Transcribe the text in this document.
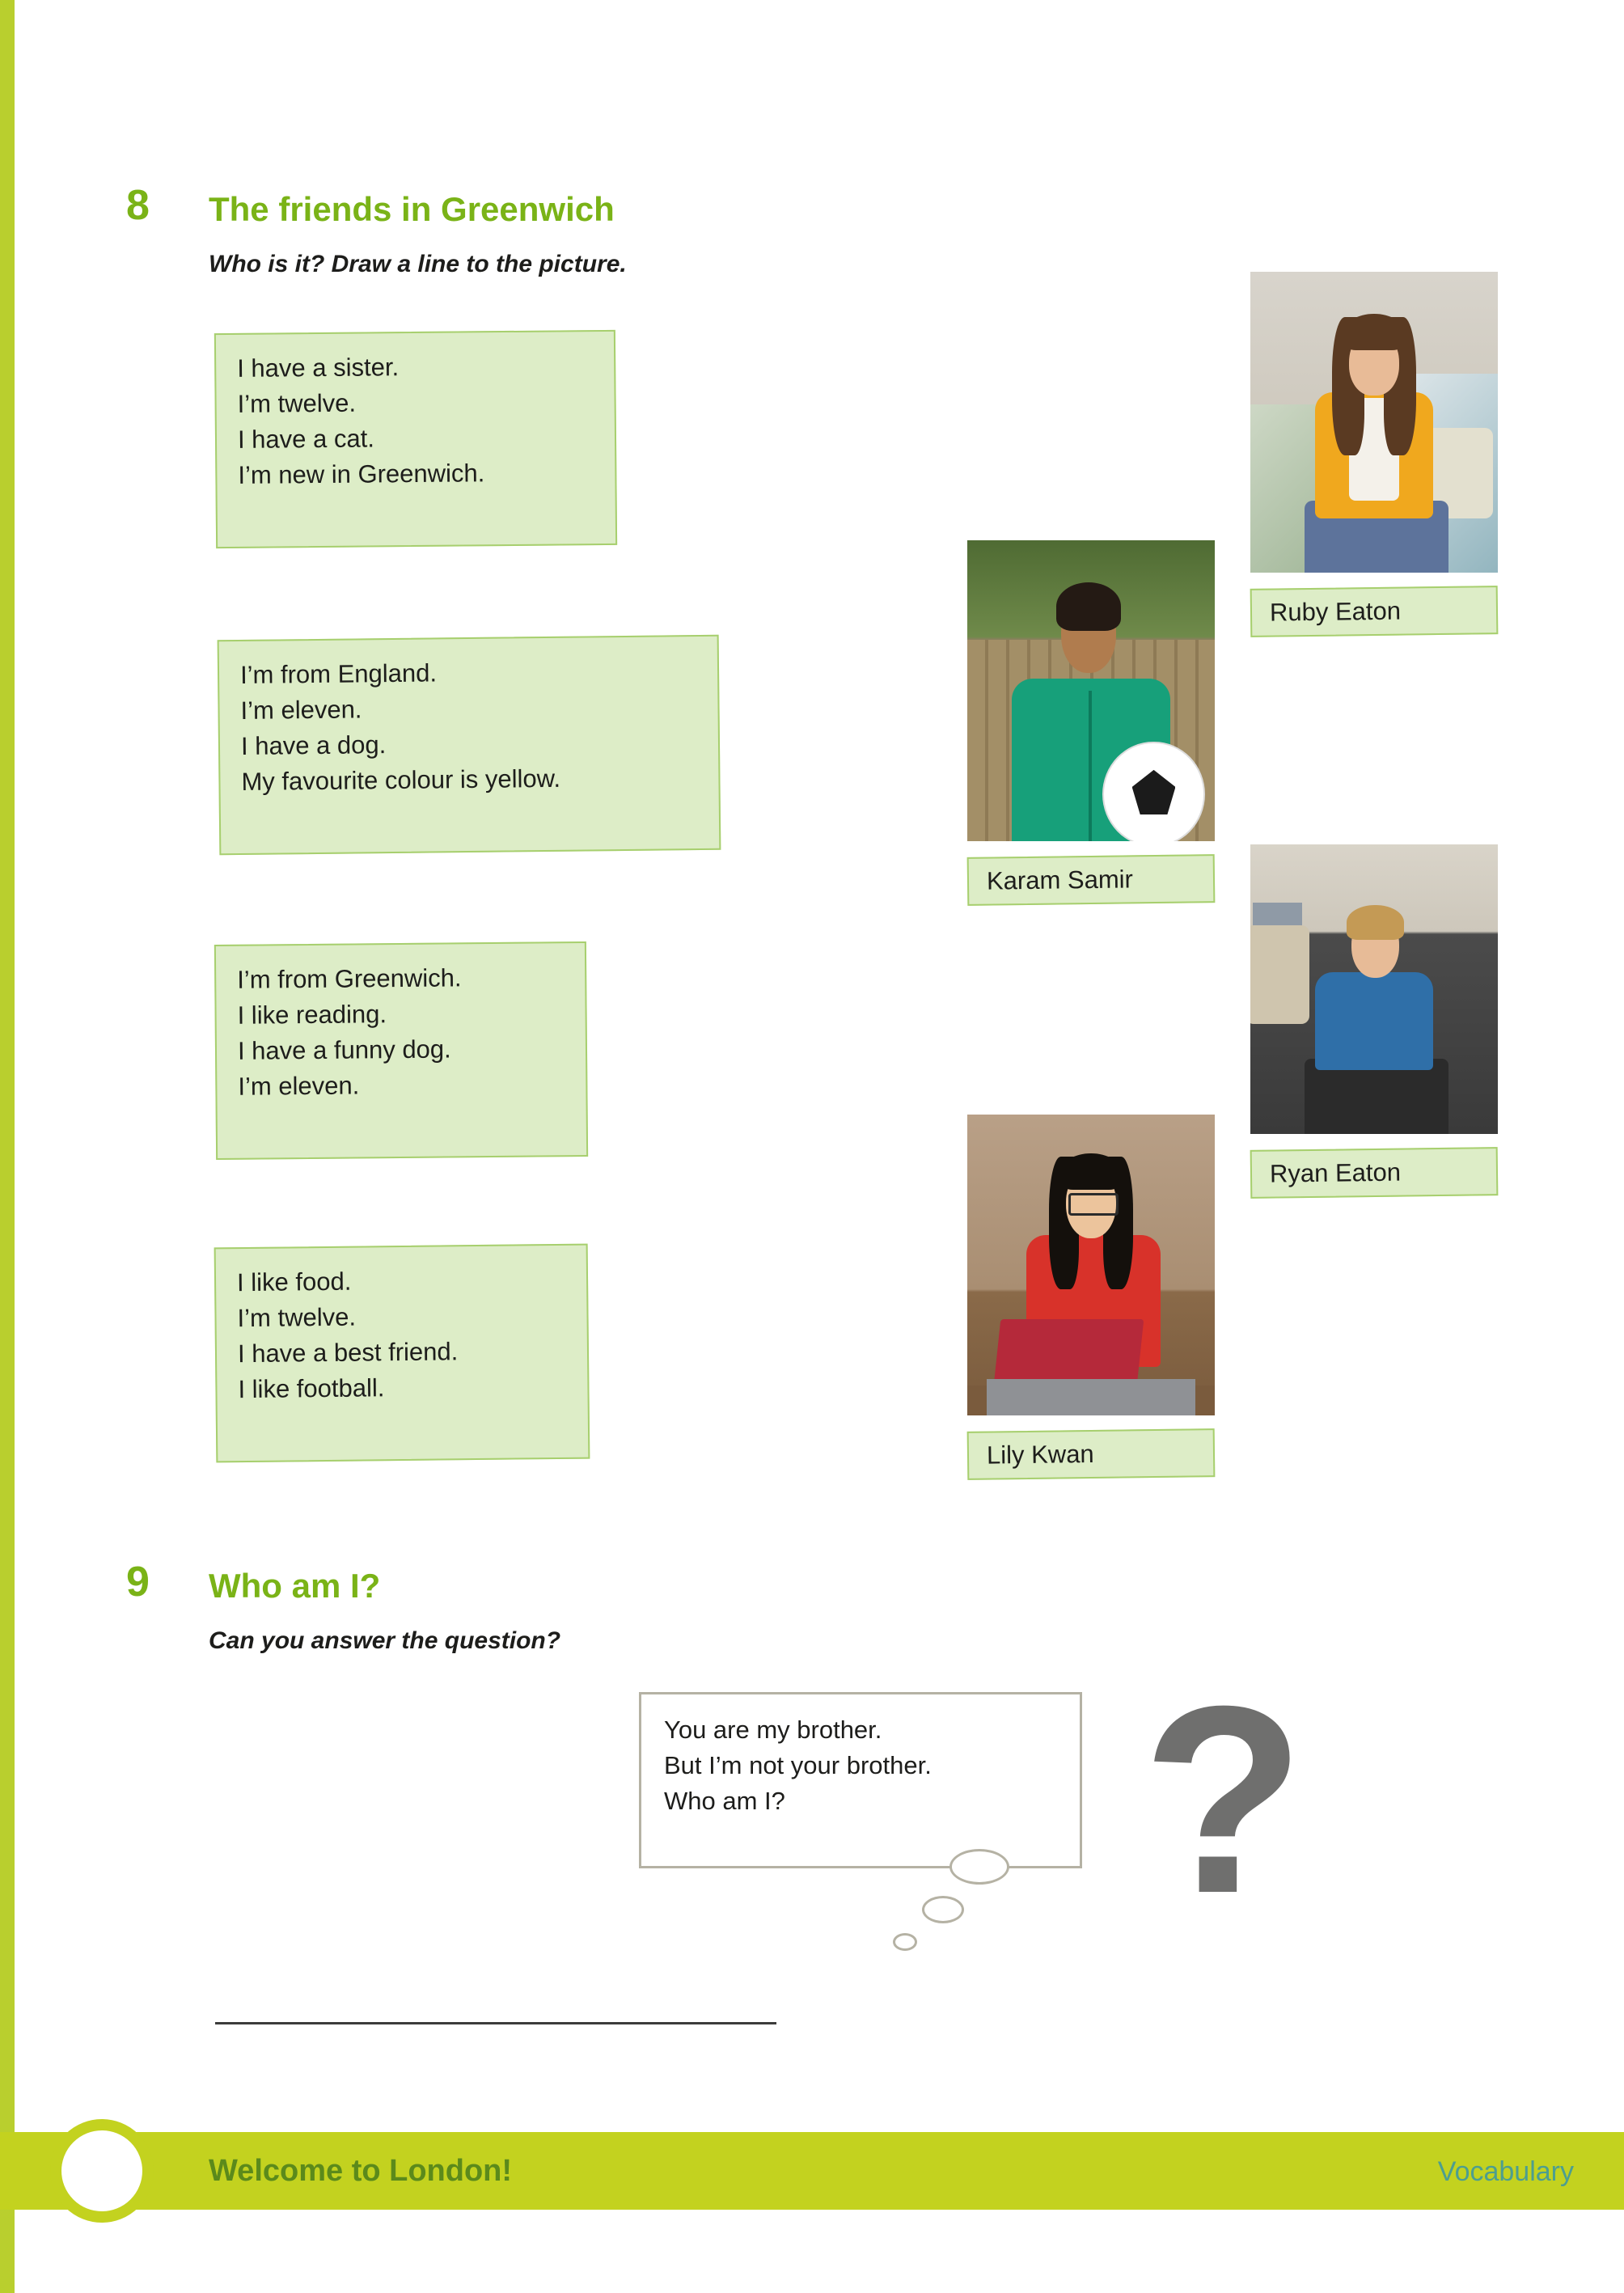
8 The friends in Greenwich
Who is it? Draw a line to the picture.
I have a sister.
I’m twelve.
I have a cat.
I’m new in Greenwich.
I’m from England.
I’m eleven.
I have a dog.
My favourite colour is yellow.
I’m from Greenwich.
I like reading.
I have a funny dog.
I’m eleven.
I like food.
I’m twelve.
I have a best friend.
I like football.
Ruby Eaton
Karam Samir
Ryan Eaton
Lily Kwan
9 Who am I?
Can you answer the question?
You are my brother.
But I’m not your brother.
Who am I?	?
Welcome to London!	Vocabulary
